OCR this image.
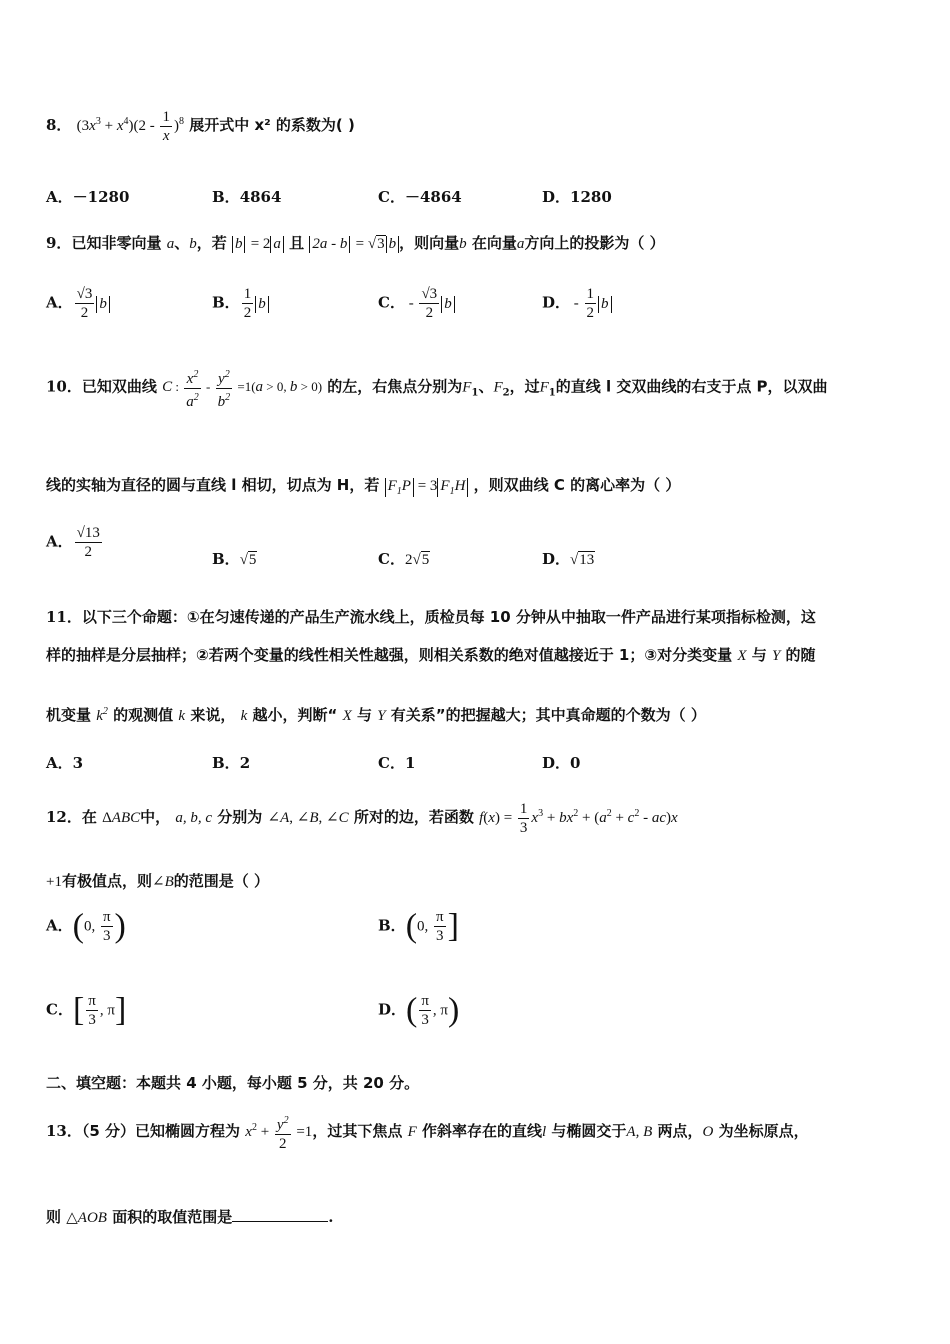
8． $(3x^3 + x^4)(2 - \frac{1}{x} )^8$ 展开式中 x² 的系数为( )
A．－1280	B．4864	C．－4864	D．1280
9．已知非零向量 a、b，若 b = 2 a 且 2a - b = √3 b ，则向量b 在向量a方向上的投影为（ ）
A． $\frac{√3}{2}$ b	B． $\frac{1}{2}$ b	C． - $\frac{√3}{2}$ b	D． - $\frac{1}{2}$ b
10．已知双曲线 C : $\frac{x^2}{a^2} - \frac{y^2}{b^2} =1(a > 0$, b > 0) 的左，右焦点分别为$F_1$、$F_2$，过$F_1$的直线 l 交双曲线的右支于点 P，以双曲
线的实轴为直径的圆与直线 l 相切，切点为 H，若 $F_1P = 3$ $F_1H$ ，则双曲线 C 的离心率为（ ）
A． $\frac{√13}{2}$	B．√5	C．2√5	D．√13
11．以下三个命题：①在匀速传递的产品生产流水线上，质检员每 10 分钟从中抽取一件产品进行某项指标检测，这
样的抽样是分层抽样；②若两个变量的线性相关性越强，则相关系数的绝对值越接近于 1；③对分类变量 X 与 Y 的随
机变量 $k^2$ 的观测值 k 来说， k 越小，判断“ X 与 Y 有关系”的把握越大；其中真命题的个数为（ ）
A．3	B．2	C．1	D．0
12．在 ΔABC中， a, b, c 分别为 ∠A, ∠B, ∠C 所对的边，若函数 $f(x) = \frac{1}{3} x^3 + bx^2 + (a^2 + c^2 - ac)x$
+1有极值点，则∠B的范围是（ ）
A．(0, $\frac{\pi}{3}$ )	B．(0, $\frac{\pi}{3}$ ]
C．[ $\frac{\pi}{3}$ , π]	D．( $\frac{\pi}{3}$ , π)
二、填空题：本题共 4 小题，每小题 5 分，共 20 分。
13．（5 分）已知椭圆方程为 $x^2 + \frac{y^2}{2} =1$，过其下焦点 F 作斜率存在的直线l 与椭圆交于A, B 两点，O 为坐标原点，
则 △AOB 面积的取值范围是	.
